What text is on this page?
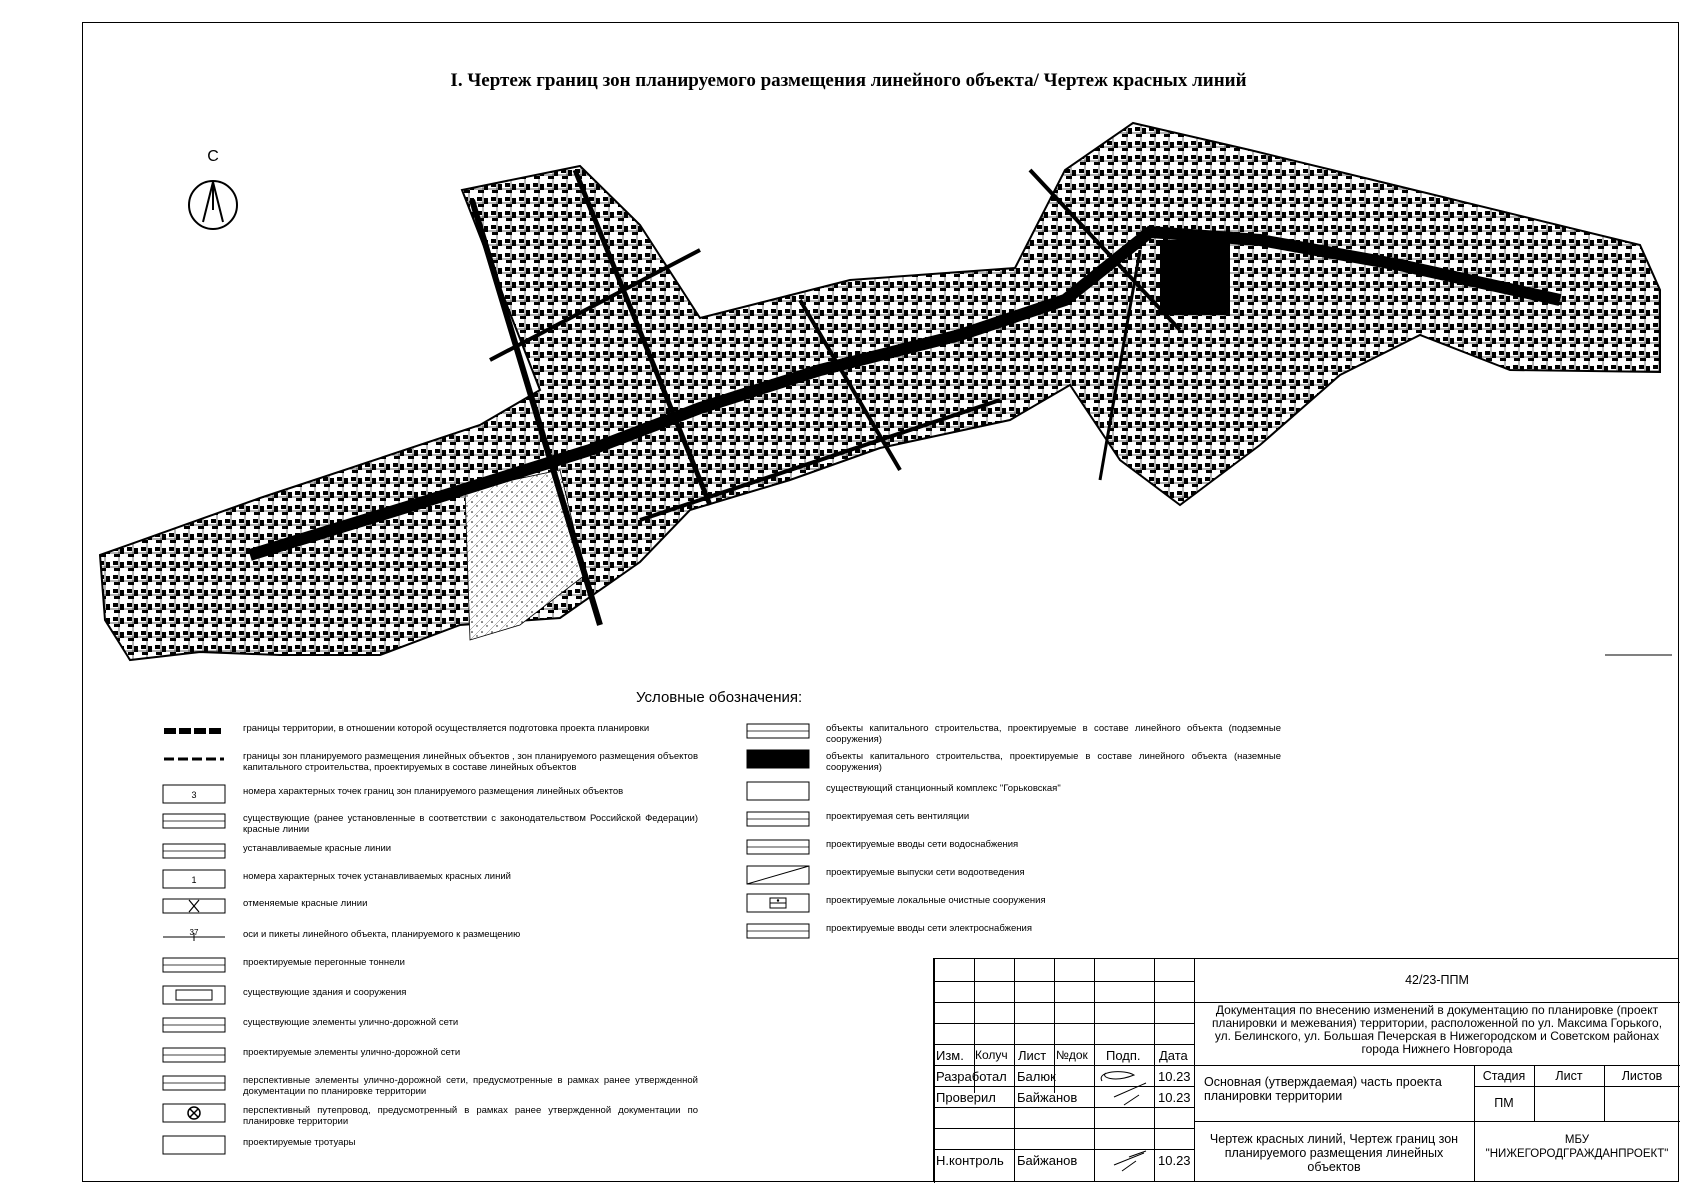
I. Чертеж границ зон планируемого размещения линейного объекта/ Чертеж красных линий
С
Условные обозначения:
границы территории, в отношении которой осуществляется подготовка проекта планировки
границы зон планируемого размещения линейных объектов , зон планируемого размещения объектов капитального строительства, проектируемых в составе линейных объектов
3	номера характерных точек границ зон планируемого размещения линейных объектов
существующие (ранее установленные в соответствии с законодательством Российской Федерации) красные линии
устанавливаемые красные линии
1	номера характерных точек устанавливаемых красных линий
отменяемые красные линии
37	оси и пикеты линейного объекта, планируемого к размещению
проектируемые перегонные тоннели
существующие здания и сооружения
существующие элементы улично-дорожной сети
проектируемые элементы улично-дорожной сети
перспективные элементы улично-дорожной сети, предусмотренные в рамках ранее утвержденной документации по планировке территории
перспективный путепровод, предусмотренный в рамках ранее утвержденной документации по планировке территории
проектируемые тротуары
объекты капитального строительства, проектируемые в составе линейного объекта (подземные сооружения)
объекты капитального строительства, проектируемые в составе линейного объекта (наземные сооружения)
существующий станционный комплекс "Горьковская"
проектируемая сеть вентиляции
проектируемые вводы сети водоснабжения
проектируемые выпуски сети водоотведения
проектируемые локальные очистные сооружения
проектируемые вводы сети электроснабжения
42/23-ППМ
Документация по внесению изменений в документацию по планировке (проект планировки и межевания) территории, расположенной по ул. Максима Горького, ул. Белинского, ул. Большая Печерская в Нижегородском и Советском районах города Нижнего Новгорода
Изм. Колуч Лист №док Подп. Дата
Разработал Балюк	10.23
Проверил Байжанов	10.23
Н.контроль Байжанов	10.23
Основная (утверждаемая) часть проекта планировки территории
Стадия	Лист	Листов
ПМ
Чертеж красных линий, Чертеж границ зон планируемого размещения линейных объектов
МБУ "НИЖЕГОРОДГРАЖДАНПРОЕКТ"
